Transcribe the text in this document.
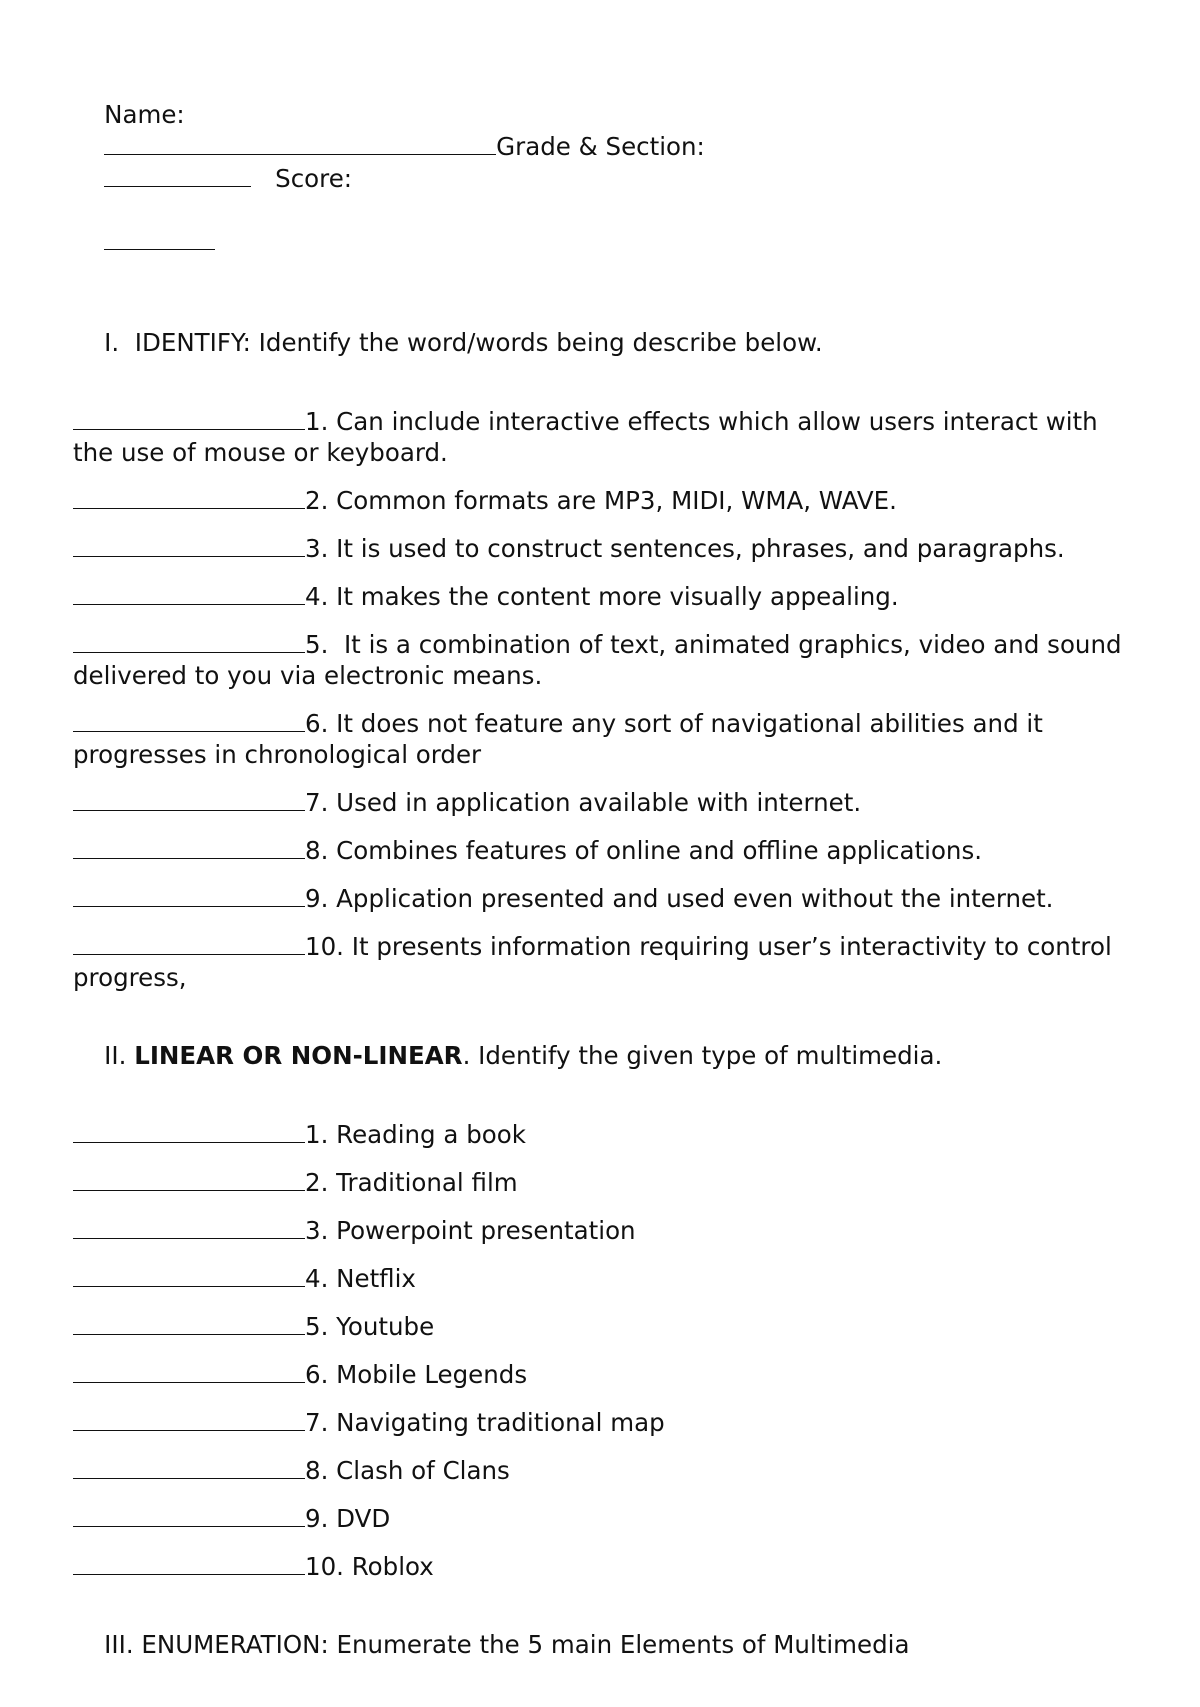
Name:
Grade & Section:
Score:

I. IDENTIFY: Identify the word/words being describe below.

1. Can include interactive effects which allow users interact with the use of mouse or keyboard.
2. Common formats are MP3, MIDI, WMA, WAVE.
3. It is used to construct sentences, phrases, and paragraphs.
4. It makes the content more visually appealing.
5.  It is a combination of text, animated graphics, video and sound delivered to you via electronic means.
6. It does not feature any sort of navigational abilities and it progresses in chronological order
7. Used in application available with internet.
8. Combines features of online and offline applications.
9. Application presented and used even without the internet.
10. It presents information requiring user’s interactivity to control progress,

II. LINEAR OR NON-LINEAR. Identify the given type of multimedia.

1. Reading a book
2. Traditional film
3. Powerpoint presentation
4. Netflix
5. Youtube
6. Mobile Legends
7. Navigating traditional map
8. Clash of Clans
9. DVD
10. Roblox

III. ENUMERATION: Enumerate the 5 main Elements of Multimedia
